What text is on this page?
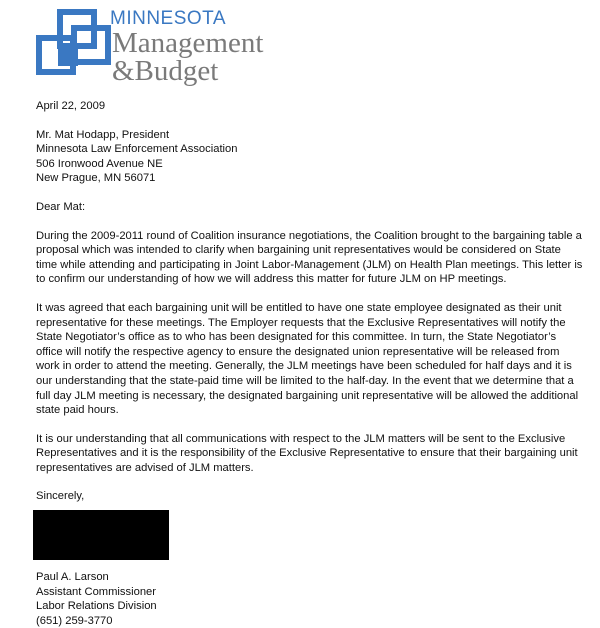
MINNESOTA
Management
&Budget

April 22, 2009

Mr. Mat Hodapp, President
Minnesota Law Enforcement Association
506 Ironwood Avenue NE
New Prague, MN 56071

Dear Mat:

During the 2009-2011 round of Coalition insurance negotiations, the Coalition brought to the bargaining table a proposal which was intended to clarify when bargaining unit representatives would be considered on State time while attending and participating in Joint Labor-Management (JLM) on Health Plan meetings. This letter is to confirm our understanding of how we will address this matter for future JLM on HP meetings.

It was agreed that each bargaining unit will be entitled to have one state employee designated as their unit representative for these meetings. The Employer requests that the Exclusive Representatives will notify the State Negotiator’s office as to who has been designated for this committee. In turn, the State Negotiator’s office will notify the respective agency to ensure the designated union representative will be released from work in order to attend the meeting. Generally, the JLM meetings have been scheduled for half days and it is our understanding that the state-paid time will be limited to the half-day. In the event that we determine that a full day JLM meeting is necessary, the designated bargaining unit representative will be allowed the additional state paid hours.

It is our understanding that all communications with respect to the JLM matters will be sent to the Exclusive Representatives and it is the responsibility of the Exclusive Representative to ensure that their bargaining unit representatives are advised of JLM matters.

Sincerely,

Paul A. Larson
Assistant Commissioner
Labor Relations Division
(651) 259-3770
